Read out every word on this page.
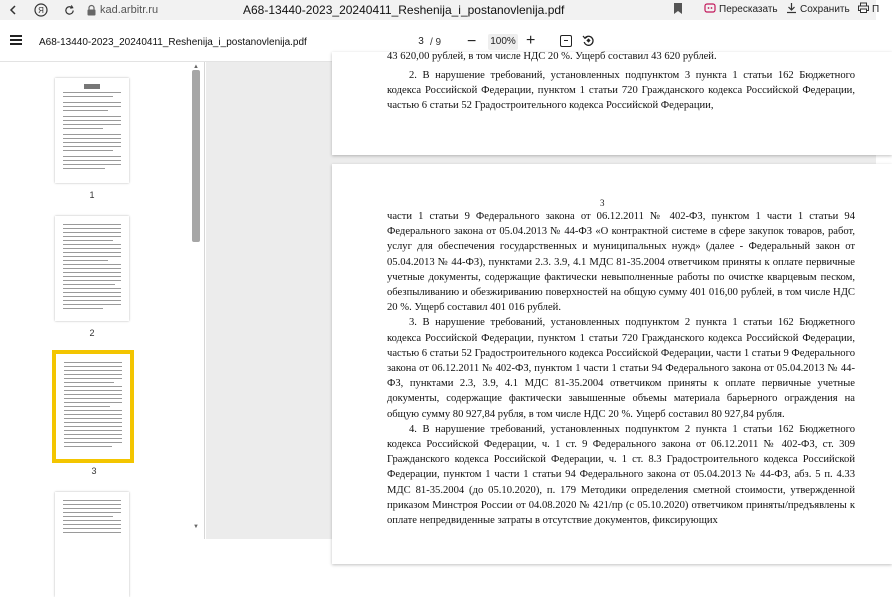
Я	kad.arbitr.ru	А68-13440-2023_20240411_Reshenija_i_postanovlenija.pdf	Пересказать Сохранить П
А68-13440-2023_20240411_Reshenija_i_postanovlenija.pdf	3 / 9 − 100% +
1
2
3
▲
▼
43 620,00 рублей, в том числе НДС 20 %. Ущерб составил 43 620 рублей.

2. В нарушение требований, установленных подпунктом 3 пункта 1 статьи 162 Бюджетного кодекса Российской Федерации, пунктом 1 статьи 720 Гражданского кодекса Российской Федерации, частью 6 статьи 52 Градостроительного кодекса Российской Федерации,

3

части 1 статьи 9 Федерального закона от 06.12.2011 № 402-ФЗ, пунктом 1 части 1 статьи 94 Федерального закона от 05.04.2013 № 44-ФЗ «О контрактной системе в сфере закупок товаров, работ, услуг для обеспечения государственных и муниципальных нужд» (далее - Федеральный закон от 05.04.2013 № 44-ФЗ), пунктами 2.3. 3.9, 4.1 МДС 81-35.2004 ответчиком приняты к оплате первичные учетные документы, содержащие фактически невыполненные работы по очистке кварцевым песком, обезпыливанию и обезжириванию поверхностей на общую сумму 401 016,00 рублей, в том числе НДС 20 %. Ущерб составил 401 016 рублей.

3. В нарушение требований, установленных подпунктом 2 пункта 1 статьи 162 Бюджетного кодекса Российской Федерации, пунктом 1 статьи 720 Гражданского кодекса Российской Федерации, частью 6 статьи 52 Градостроительного кодекса Российской Федерации, части 1 статьи 9 Федерального закона от 06.12.2011 № 402-ФЗ, пунктом 1 части 1 статьи 94 Федерального закона от 05.04.2013 № 44-ФЗ, пунктами 2.3, 3.9, 4.1 МДС 81-35.2004 ответчиком приняты к оплате первичные учетные документы, содержащие фактически завышенные объемы материала барьерного ограждения на общую сумму 80 927,84 рубля, в том числе НДС 20 %. Ущерб составил 80 927,84 рубля.

4. В нарушение требований, установленных подпунктом 2 пункта 1 статьи 162 Бюджетного кодекса Российской Федерации, ч. 1 ст. 9 Федерального закона от 06.12.2011 № 402-ФЗ, ст. 309 Гражданского кодекса Российской Федерации, ч. 1 ст. 8.3 Градостроительного кодекса Российской Федерации, пунктом 1 части 1 статьи 94 Федерального закона от 05.04.2013 № 44-ФЗ, абз. 5 п. 4.33 МДС 81-35.2004 (до 05.10.2020), п. 179 Методики определения сметной стоимости, утвержденной приказом Минстроя России от 04.08.2020 № 421/пр (с 05.10.2020) ответчиком приняты/предъявлены к оплате непредвиденные затраты в отсутствие документов, фиксирующих
